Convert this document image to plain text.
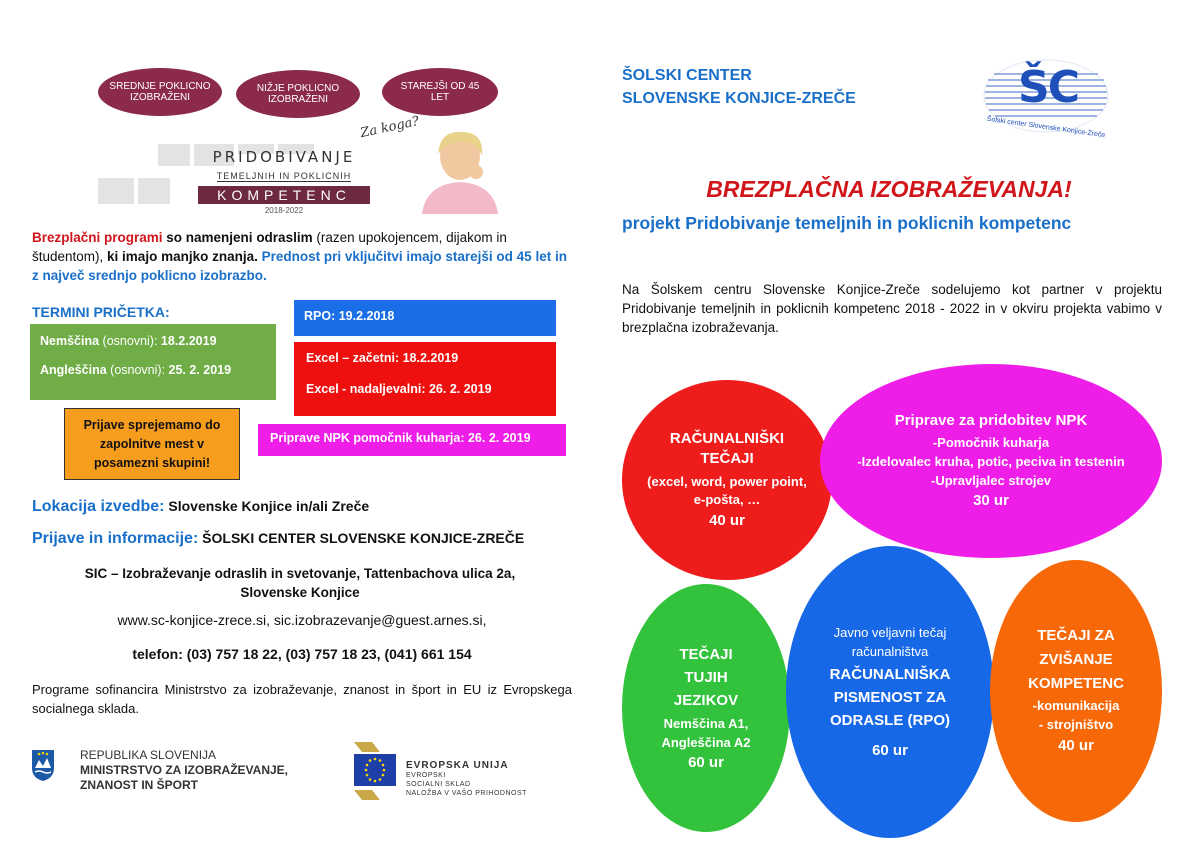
SREDNJE POKLICNO IZOBRAŽENI
NIŽJE POKLICNO IZOBRAŽENI
STAREJŠI OD 45 LET
PRIDOBIVANJE
TEMELJNIH IN POKLICNIH
KOMPETENC
2018-2022
Za koga?
Brezplačni programi so namenjeni odraslim (razen upokojencem, dijakom in študentom), ki imajo manjko znanja. Prednost pri vključitvi imajo starejši od 45 let in z največ srednjo poklicno izobrazbo.
TERMINI PRIČETKA:
Nemščina (osnovni): 18.2.2019
Angleščina (osnovni): 25. 2. 2019
RPO: 19.2.2018
Excel – začetni: 18.2.2019
Excel - nadaljevalni: 26. 2. 2019
Prijave sprejemamo do zapolnitve mest v posamezni skupini!
Priprave NPK pomočnik kuharja: 26. 2. 2019
Lokacija izvedbe: Slovenske Konjice in/ali Zreče
Prijave in informacije: ŠOLSKI CENTER SLOVENSKE KONJICE-ZREČE
SIC – Izobraževanje odraslih in svetovanje, Tattenbachova ulica 2a, Slovenske Konjice
www.sc-konjice-zrece.si, sic.izobrazevanje@guest.arnes.si,
telefon: (03) 757 18 22, (03) 757 18 23, (041) 661 154
Programe sofinancira Ministrstvo za izobraževanje, znanost in šport in EU iz Evropskega socialnega sklada.
REPUBLIKA SLOVENIJA
MINISTRSTVO ZA IZOBRAŽEVANJE,
ZNANOST IN ŠPORT
EVROPSKA UNIJA
EVROPSKI
SOCIALNI SKLAD
NALOŽBA V VAŠO PRIHODNOST
ŠOLSKI CENTER
SLOVENSKE KONJICE-ZREČE	ŠC
Šolski center Slovenske Konjice-Zreče
BREZPLAČNA IZOBRAŽEVANJA!
projekt Pridobivanje temeljnih in poklicnih kompetenc
Na Šolskem centru Slovenske Konjice-Zreče sodelujemo kot partner v projektu Pridobivanje temeljnih in poklicnih kompetenc 2018 - 2022 in v okviru projekta vabimo v brezplačna izobraževanja.
RAČUNALNIŠKI TEČAJI
(excel, word, power point, e-pošta, …
40 ur
Priprave za pridobitev NPK
-Pomočnik kuharja
-Izdelovalec kruha, potic, peciva in testenin
-Upravljalec strojev
30 ur
TEČAJI TUJIH JEZIKOV
Nemščina A1, Angleščina A2
60 ur
Javno veljavni tečaj računalništva
RAČUNALNIŠKA PISMENOST ZA ODRASLE (RPO)
60 ur
TEČAJI ZA ZVIŠANJE KOMPETENC
-komunikacija
- strojništvo
40 ur
